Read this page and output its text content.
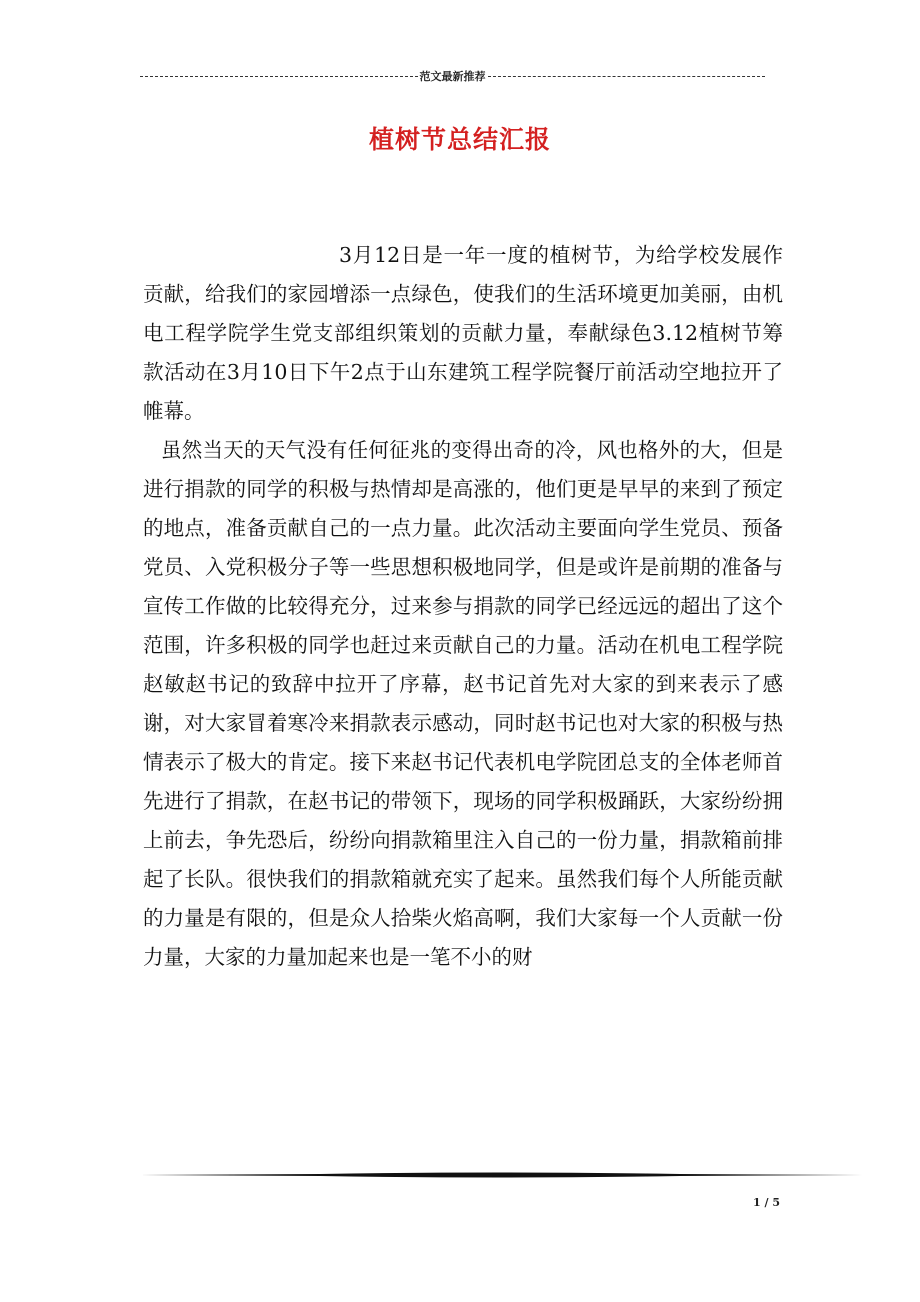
范文最新推荐
植树节总结汇报

3月12日是一年一度的植树节，为给学校发展作贡献，给我们的家园增添一点绿色，使我们的生活环境更加美丽，由机电工程学院学生党支部组织策划的贡献力量，奉献绿色3.12植树节筹款活动在3月10日下午2点于山东建筑工程学院餐厅前活动空地拉开了帷幕。

虽然当天的天气没有任何征兆的变得出奇的冷，风也格外的大，但是进行捐款的同学的积极与热情却是高涨的，他们更是早早的来到了预定的地点，准备贡献自己的一点力量。此次活动主要面向学生党员、预备党员、入党积极分子等一些思想积极地同学，但是或许是前期的准备与宣传工作做的比较得充分，过来参与捐款的同学已经远远的超出了这个范围，许多积极的同学也赶过来贡献自己的力量。活动在机电工程学院赵敏赵书记的致辞中拉开了序幕，赵书记首先对大家的到来表示了感谢，对大家冒着寒冷来捐款表示感动，同时赵书记也对大家的积极与热情表示了极大的肯定。接下来赵书记代表机电学院团总支的全体老师首先进行了捐款，在赵书记的带领下，现场的同学积极踊跃，大家纷纷拥上前去，争先恐后，纷纷向捐款箱里注入自己的一份力量，捐款箱前排起了长队。很快我们的捐款箱就充实了起来。虽然我们每个人所能贡献的力量是有限的，但是众人拾柴火焰高啊，我们大家每一个人贡献一份力量，大家的力量加起来也是一笔不小的财

1 / 5
